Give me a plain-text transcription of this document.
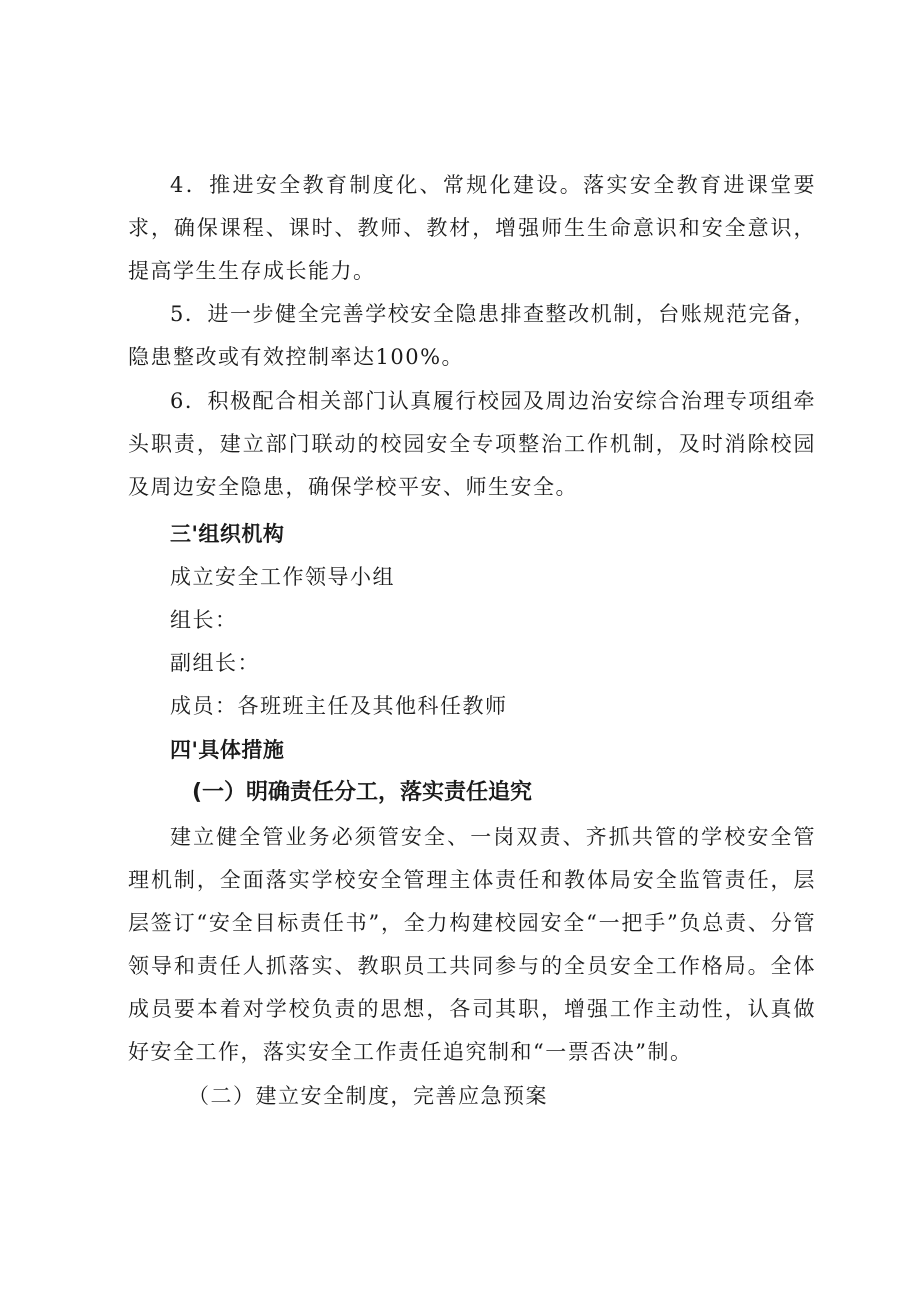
4．推进安全教育制度化、常规化建设。落实安全教育进课堂要求，确保课程、课时、教师、教材，增强师生生命意识和安全意识，提高学生生存成长能力。

5．进一步健全完善学校安全隐患排查整改机制，台账规范完备，隐患整改或有效控制率达100%。

6．积极配合相关部门认真履行校园及周边治安综合治理专项组牵头职责，建立部门联动的校园安全专项整治工作机制，及时消除校园及周边安全隐患，确保学校平安、师生安全。

三'组织机构

成立安全工作领导小组

组长：

副组长：

成员：各班班主任及其他科任教师

四'具体措施

(一）明确责任分工，落实责任追究

建立健全管业务必须管安全、一岗双责、齐抓共管的学校安全管理机制，全面落实学校安全管理主体责任和教体局安全监管责任，层层签订“安全目标责任书”，全力构建校园安全“一把手”负总责、分管领导和责任人抓落实、教职员工共同参与的全员安全工作格局。全体成员要本着对学校负责的思想，各司其职，增强工作主动性，认真做好安全工作，落实安全工作责任追究制和“一票否决”制。

（二）建立安全制度，完善应急预案
